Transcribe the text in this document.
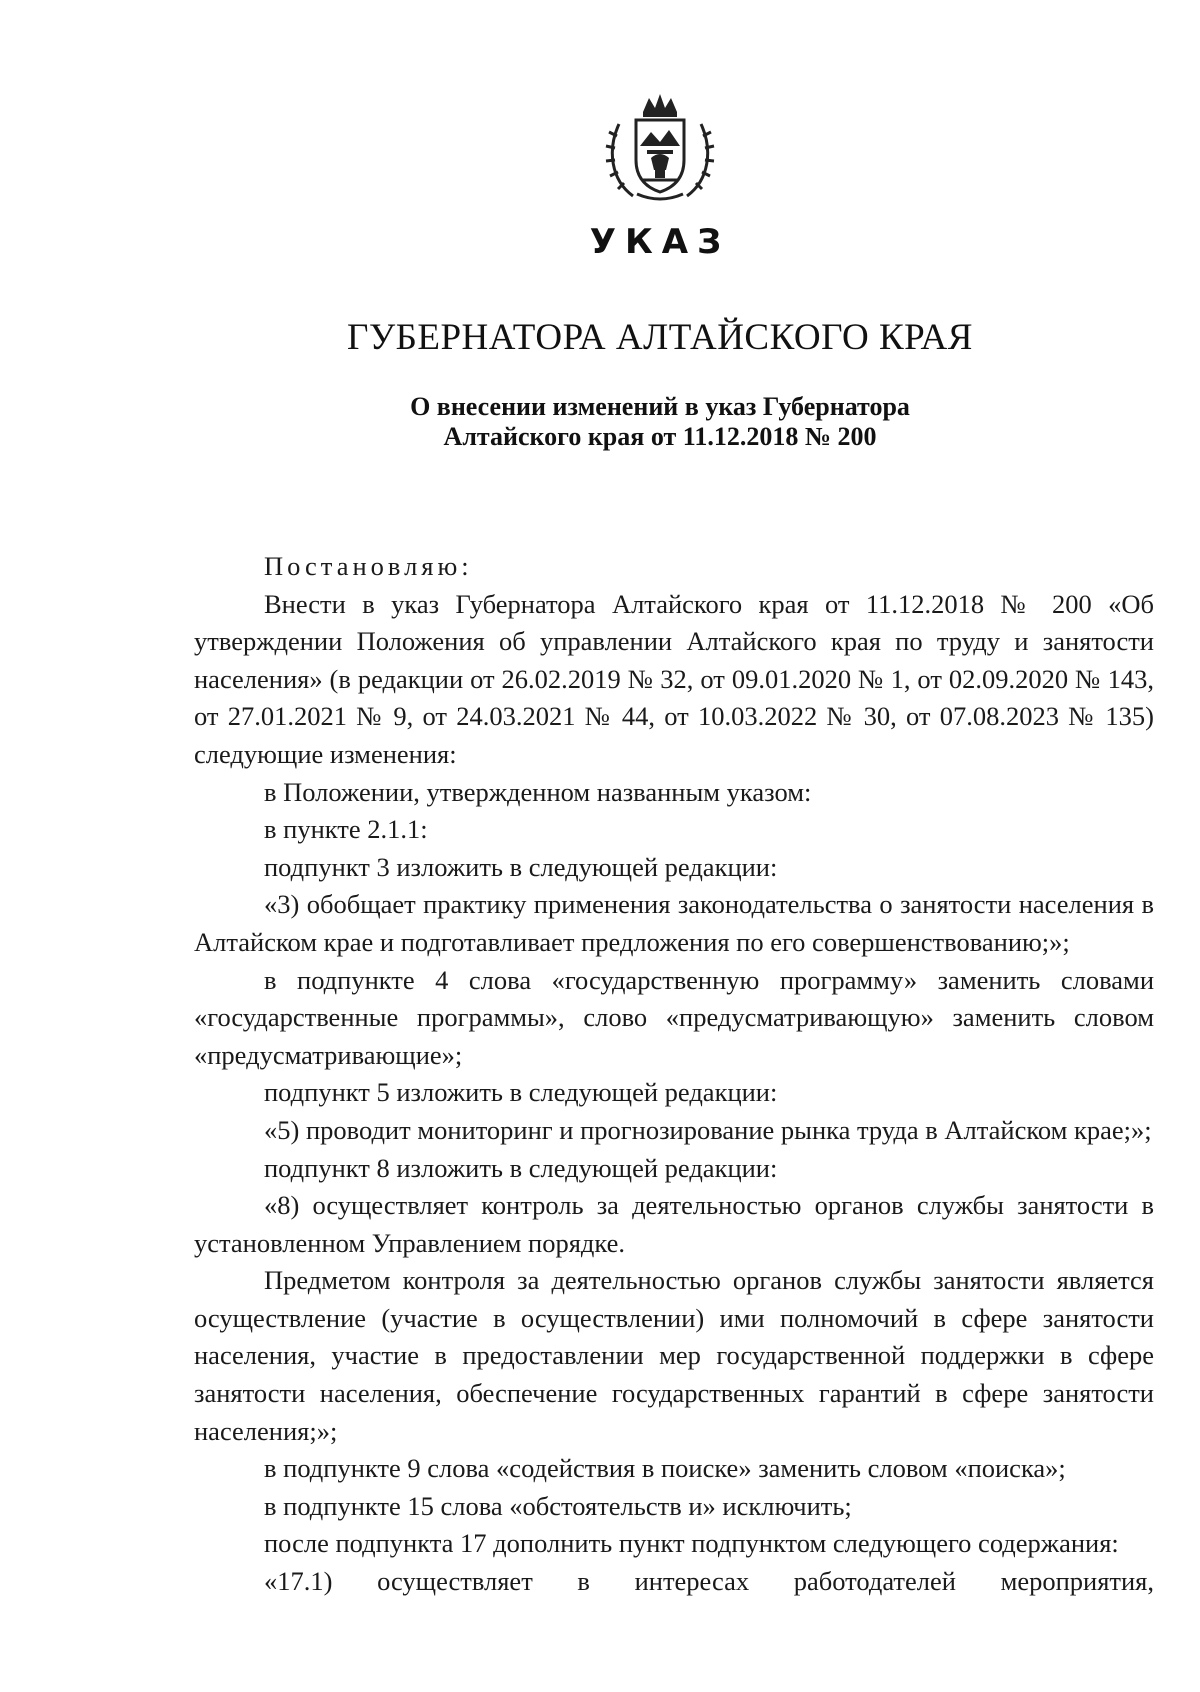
УКАЗ
ГУБЕРНАТОРА АЛТАЙСКОГО КРАЯ
О внесении изменений в указ Губернатора
Алтайского края от 11.12.2018 № 200

Постановляю:

Внести в указ Губернатора Алтайского края от 11.12.2018 № 200 «Об утверждении Положения об управлении Алтайского края по труду и занятости населения» (в редакции от 26.02.2019 № 32, от 09.01.2020 № 1, от 02.09.2020 № 143, от 27.01.2021 № 9, от 24.03.2021 № 44, от 10.03.2022 № 30, от 07.08.2023 № 135) следующие изменения:

в Положении, утвержденном названным указом:

в пункте 2.1.1:

подпункт 3 изложить в следующей редакции:

«3) обобщает практику применения законодательства о занятости населения в Алтайском крае и подготавливает предложения по его совершенствованию;»;

в подпункте 4 слова «государственную программу» заменить словами «государственные программы», слово «предусматривающую» заменить словом «предусматривающие»;

подпункт 5 изложить в следующей редакции:

«5) проводит мониторинг и прогнозирование рынка труда в Алтайском крае;»;

подпункт 8 изложить в следующей редакции:

«8) осуществляет контроль за деятельностью органов службы занятости в установленном Управлением порядке.

Предметом контроля за деятельностью органов службы занятости является осуществление (участие в осуществлении) ими полномочий в сфере занятости населения, участие в предоставлении мер государственной поддержки в сфере занятости населения, обеспечение государственных гарантий в сфере занятости населения;»;

в подпункте 9 слова «содействия в поиске» заменить словом «поиска»;

в подпункте 15 слова «обстоятельств и» исключить;

после подпункта 17 дополнить пункт подпунктом следующего содержания:

«17.1) осуществляет в интересах работодателей мероприятия,
